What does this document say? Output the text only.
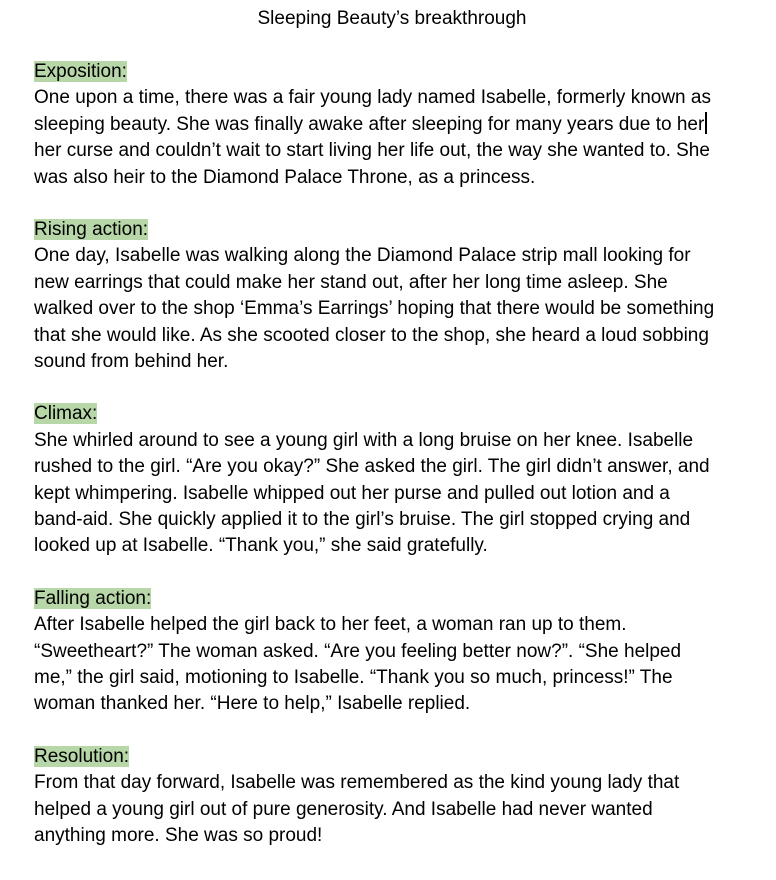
Sleeping Beauty’s breakthrough
Exposition:
One upon a time, there was a fair young lady named Isabelle, formerly known as
sleeping beauty. She was finally awake after sleeping for many years due to her
her curse and couldn’t wait to start living her life out, the way she wanted to. She
was also heir to the Diamond Palace Throne, as a princess.
Rising action:
One day, Isabelle was walking along the Diamond Palace strip mall looking for
new earrings that could make her stand out, after her long time asleep. She
walked over to the shop ‘Emma’s Earrings’ hoping that there would be something
that she would like. As she scooted closer to the shop, she heard a loud sobbing
sound from behind her.
Climax:
She whirled around to see a young girl with a long bruise on her knee. Isabelle
rushed to the girl. “Are you okay?” She asked the girl. The girl didn’t answer, and
kept whimpering. Isabelle whipped out her purse and pulled out lotion and a
band-aid. She quickly applied it to the girl’s bruise. The girl stopped crying and
looked up at Isabelle. “Thank you,” she said gratefully.
Falling action:
After Isabelle helped the girl back to her feet, a woman ran up to them.
“Sweetheart?” The woman asked. “Are you feeling better now?”. “She helped
me,” the girl said, motioning to Isabelle. “Thank you so much, princess!” The
woman thanked her. “Here to help,” Isabelle replied.
Resolution:
From that day forward, Isabelle was remembered as the kind young lady that
helped a young girl out of pure generosity. And Isabelle had never wanted
anything more. She was so proud!
